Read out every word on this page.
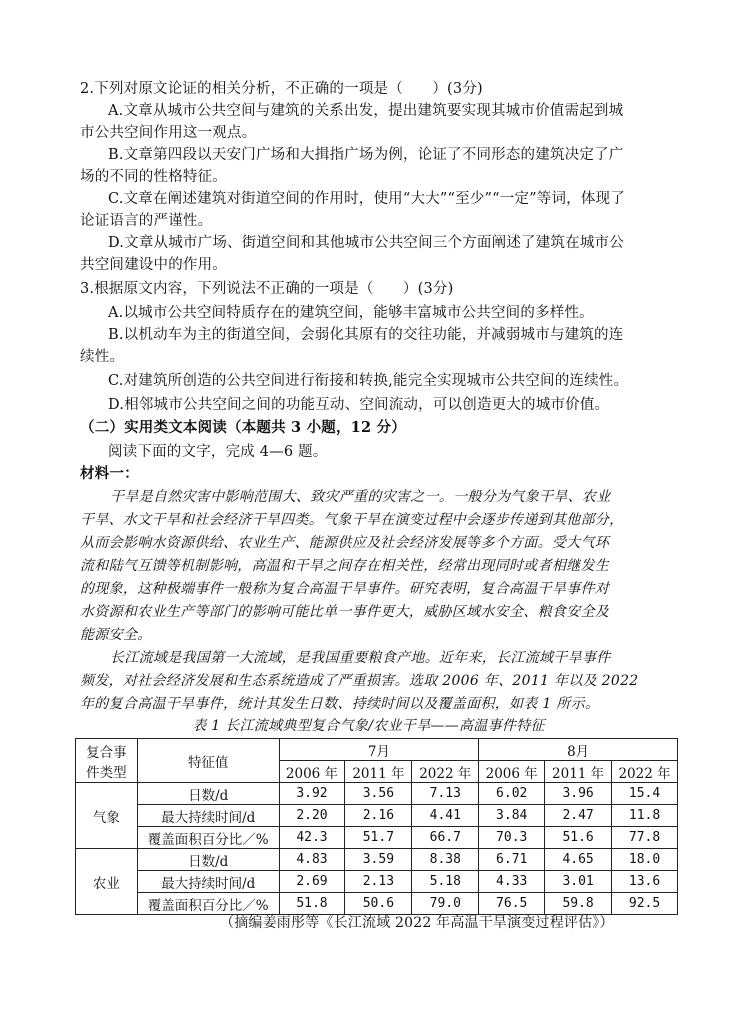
2.下列对原文论证的相关分析，不正确的一项是（　　）(3分)
A.文章从城市公共空间与建筑的关系出发，提出建筑要实现其城市价值需起到城
市公共空间作用这一观点。
B.文章第四段以天安门广场和大揖指广场为例，论证了不同形态的建筑决定了广
场的不同的性格特征。
C.文章在阐述建筑对街道空间的作用时，使用“大大”“至少”“一定”等词，体现了
论证语言的严谨性。
D.文章从城市广场、街道空间和其他城市公共空间三个方面阐述了建筑在城市公
共空间建设中的作用。
3.根据原文内容，下列说法不正确的一项是（　　）(3分)
A.以城市公共空间特质存在的建筑空间，能够丰富城市公共空间的多样性。
B.以机动车为主的街道空间，会弱化其原有的交往功能，并减弱城市与建筑的连
续性。
C.对建筑所创造的公共空间进行衔接和转换,能完全实现城市公共空间的连续性。
D.相邻城市公共空间之间的功能互动、空间流动，可以创造更大的城市价值。
（二）实用类文本阅读（本题共 3 小题，12 分）
阅读下面的文字，完成 4—6 题。
材料一：
干旱是自然灾害中影响范围大、致灾严重的灾害之一。一般分为气象干旱、农业
干旱、水文干旱和社会经济干旱四类。气象干旱在演变过程中会逐步传递到其他部分，
从而会影响水资源供给、农业生产、能源供应及社会经济发展等多个方面。受大气环
流和陆气互馈等机制影响，高温和干旱之间存在相关性，经常出现同时或者相继发生
的现象，这种极端事件一般称为复合高温干旱事件。研究表明，复合高温干旱事件对
水资源和农业生产等部门的影响可能比单一事件更大，威胁区域水安全、粮食安全及
能源安全。
长江流域是我国第一大流域，是我国重要粮食产地。近年来，长江流域干旱事件
频发，对社会经济发展和生态系统造成了严重损害。选取 2006 年、2011 年以及 2022
年的复合高温干旱事件，统计其发生日数、持续时间以及覆盖面积，如表 1 所示。
表 1 长江流域典型复合气象/农业干旱——高温事件特征
复合事
件类型	特征值	7月			8月		
		2006 年	2011 年	2022 年	2006 年	2011 年	2022 年
气象	日数/d	3.92	3.56	7.13	6.02	3.96	15.4
	最大持续时间/d	2.20	2.16	4.41	3.84	2.47	11.8
	覆盖面积百分比／%	42.3	51.7	66.7	70.3	51.6	77.8
农业	日数/d	4.83	3.59	8.38	6.71	4.65	18.0
	最大持续时间/d	2.69	2.13	5.18	4.33	3.01	13.6
	覆盖面积百分比／%	51.8	50.6	79.0	76.5	59.8	92.5
（摘编姜雨彤等《长江流域 2022 年高温干旱演变过程评估》）
